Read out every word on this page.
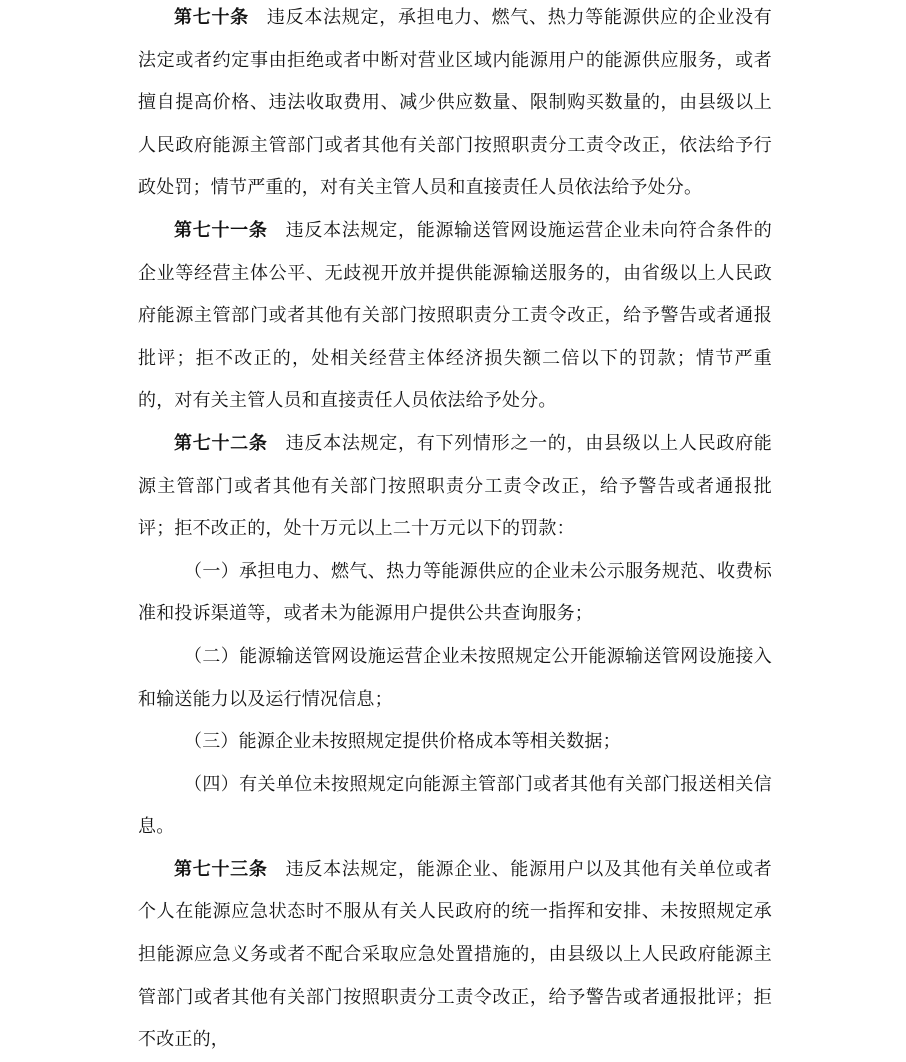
第七十条 违反本法规定，承担电力、燃气、热力等能源供应的企业没有法定或者约定事由拒绝或者中断对营业区域内能源用户的能源供应服务，或者擅自提高价格、违法收取费用、减少供应数量、限制购买数量的，由县级以上人民政府能源主管部门或者其他有关部门按照职责分工责令改正，依法给予行政处罚；情节严重的，对有关主管人员和直接责任人员依法给予处分。

第七十一条 违反本法规定，能源输送管网设施运营企业未向符合条件的企业等经营主体公平、无歧视开放并提供能源输送服务的，由省级以上人民政府能源主管部门或者其他有关部门按照职责分工责令改正，给予警告或者通报批评；拒不改正的，处相关经营主体经济损失额二倍以下的罚款；情节严重的，对有关主管人员和直接责任人员依法给予处分。

第七十二条 违反本法规定，有下列情形之一的，由县级以上人民政府能源主管部门或者其他有关部门按照职责分工责令改正，给予警告或者通报批评；拒不改正的，处十万元以上二十万元以下的罚款：

（一）承担电力、燃气、热力等能源供应的企业未公示服务规范、收费标准和投诉渠道等，或者未为能源用户提供公共查询服务；

（二）能源输送管网设施运营企业未按照规定公开能源输送管网设施接入和输送能力以及运行情况信息；

（三）能源企业未按照规定提供价格成本等相关数据；

（四）有关单位未按照规定向能源主管部门或者其他有关部门报送相关信息。

第七十三条 违反本法规定，能源企业、能源用户以及其他有关单位或者个人在能源应急状态时不服从有关人民政府的统一指挥和安排、未按照规定承担能源应急义务或者不配合采取应急处置措施的，由县级以上人民政府能源主管部门或者其他有关部门按照职责分工责令改正，给予警告或者通报批评；拒不改正的，
